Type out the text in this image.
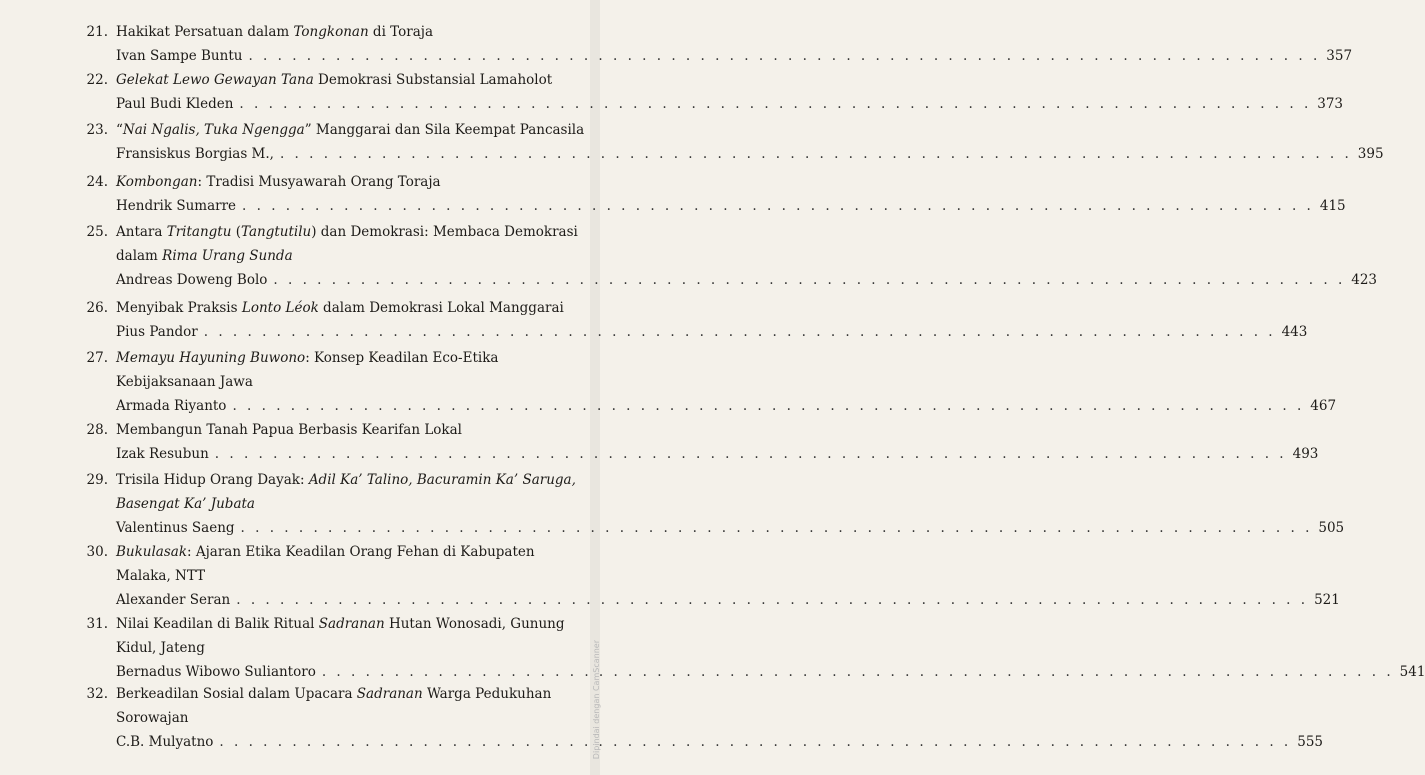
21. Hakikat Persatuan dalam Tongkonan di Toraja
Ivan Sampe Buntu . . .	357
22. Gelekat Lewo Gewayan Tana Demokrasi Substansial Lamaholot
Paul Budi Kleden . . .	373
23. “Nai Ngalis, Tuka Ngengga” Manggarai dan Sila Keempat Pancasila
Fransiskus Borgias M., . . .	395
24. Kombongan: Tradisi Musyawarah Orang Toraja
Hendrik Sumarre . . .	415
25. Antara Tritangtu (Tangtutilu) dan Demokrasi: Membaca Demokrasi
dalam Rima Urang Sunda
Andreas Doweng Bolo . . .	423
26. Menyibak Praksis Lonto Léok dalam Demokrasi Lokal Manggarai
Pius Pandor . . .	443
27. Memayu Hayuning Buwono: Konsep Keadilan Eco-Etika
Kebijaksanaan Jawa
Armada Riyanto . . .	467
28. Membangun Tanah Papua Berbasis Kearifan Lokal
Izak Resubun . . .	493
29. Trisila Hidup Orang Dayak: Adil Ka’ Talino, Bacuramin Ka’ Saruga,
Basengat Ka’ Jubata
Valentinus Saeng . . .	505
30. Bukulasak: Ajaran Etika Keadilan Orang Fehan di Kabupaten
Malaka, NTT
Alexander Seran . . .	521
31. Nilai Keadilan di Balik Ritual Sadranan Hutan Wonosadi, Gunung
Kidul, Jateng
Bernadus Wibowo Suliantoro . . .	541
32. Berkeadilan Sosial dalam Upacara Sadranan Warga Pedukuhan
Sorowajan
C.B. Mulyatno . . .	555
Dipindai dengan CamScanner
